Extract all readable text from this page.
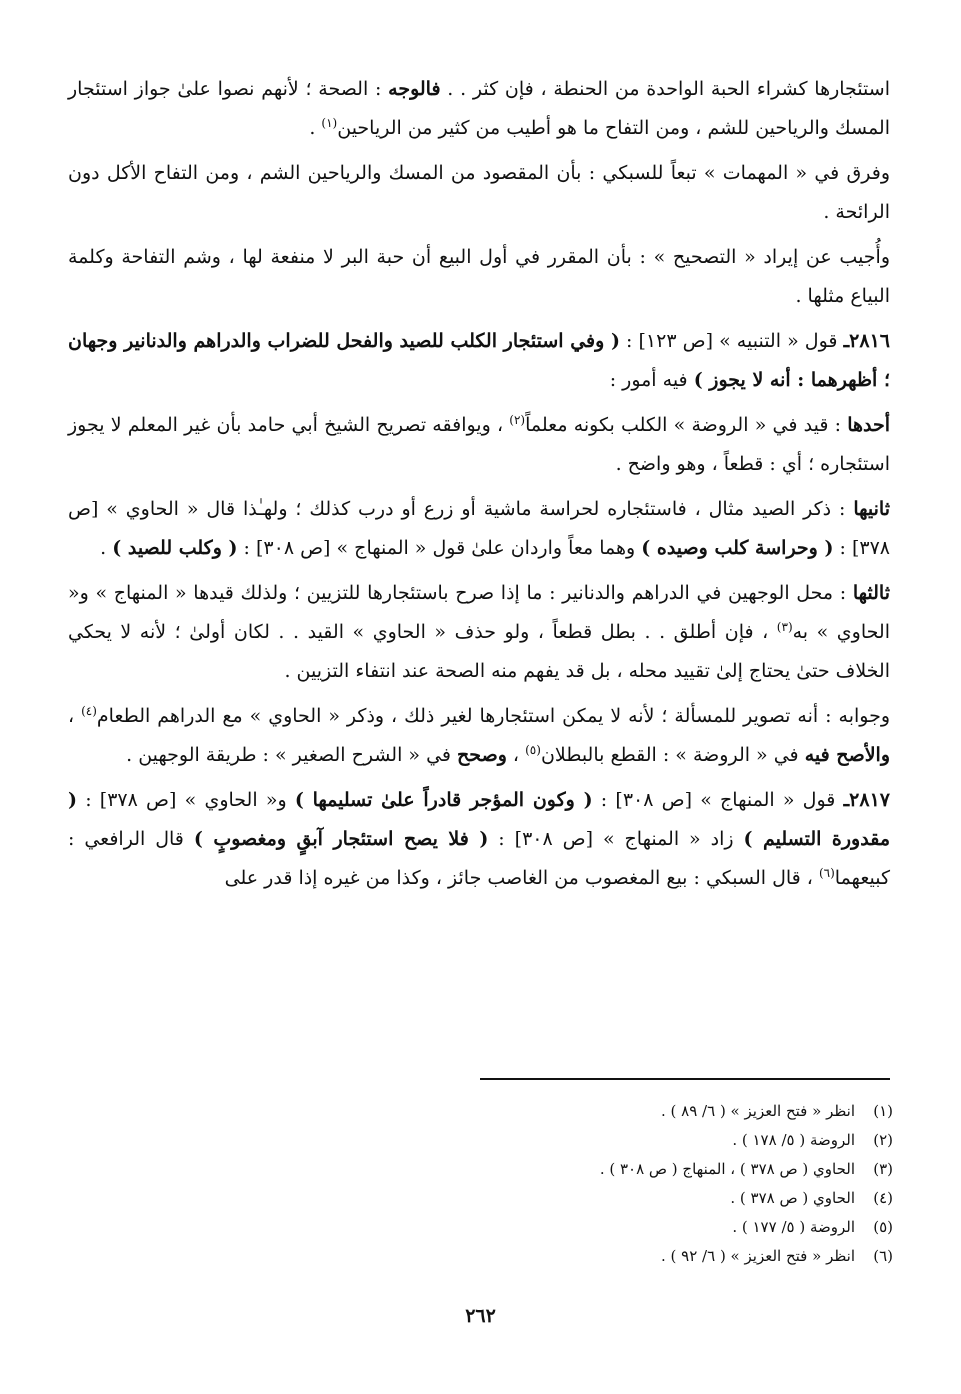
استئجارها كشراء الحبة الواحدة من الحنطة ، فإن كثر . . فالوجه : الصحة ؛ لأنهم نصوا علىٰ جواز استئجار المسك والرياحين للشم ، ومن التفاح ما هو أطيب من كثير من الرياحين$^{(١)}$ .

وفرق في « المهمات » تبعاً للسبكي : بأن المقصود من المسك والرياحين الشم ، ومن التفاح الأكل دون الرائحة .

وأُجيب عن إيراد « التصحيح » : بأن المقرر في أول البيع أن حبة البر لا منفعة لها ، وشم التفاحة وكلمة البياع مثلها .

٢٨١٦ـ قول « التنبيه » [ص ١٢٣] : ( وفي استئجار الكلب للصيد والفحل للضراب والدراهم والدنانير وجهان ؛ أظهرهما : أنه لا يجوز ) فيه أمور :

أحدها : قيد في « الروضة » الكلب بكونه معلماً$^{(٢)}$ ، ويوافقه تصريح الشيخ أبي حامد بأن غير المعلم لا يجوز استئجاره ؛ أي : قطعاً ، وهو واضح .

ثانيها : ذكر الصيد مثال ، فاستئجاره لحراسة ماشية أو زرع أو درب كذلك ؛ ولهـٰذا قال « الحاوي » [ص ٣٧٨] : ( وحراسة كلب وصيده ) وهما معاً واردان علىٰ قول « المنهاج » [ص ٣٠٨] : ( وكلب للصيد ) .

ثالثها : محل الوجهين في الدراهم والدنانير : ما إذا صرح باستئجارها للتزيين ؛ ولذلك قيدها « المنهاج » و« الحاوي » به$^{(٣)}$ ، فإن أطلق . . بطل قطعاً ، ولو حذف « الحاوي » القيد . . لكان أولىٰ ؛ لأنه لا يحكي الخلاف حتىٰ يحتاج إلىٰ تقييد محله ، بل قد يفهم منه الصحة عند انتفاء التزيين .

وجوابه : أنه تصوير للمسألة ؛ لأنه لا يمكن استئجارها لغير ذلك ، وذكر « الحاوي » مع الدراهم الطعام$^{(٤)}$ ، والأصح فيه في « الروضة » : القطع بالبطلان$^{(٥)}$ ، وصحح في « الشرح الصغير » : طريقة الوجهين .

٢٨١٧ـ قول « المنهاج » [ص ٣٠٨] : ( وكون المؤجر قادراً علىٰ تسليمها ) و« الحاوي » [ص ٣٧٨] : ( مقدورة التسليم ) زاد « المنهاج » [ص ٣٠٨] : ( فلا يصح استئجار آبقٍ ومغصوبٍ ) قال الرافعي : كبيعهما$^{(٦)}$ ، قال السبكي : بيع المغصوب من الغاصب جائز ، وكذا من غيره إذا قدر على

(١)انظر « فتح العزيز » ( ٦/ ٨٩ ) .
(٢)الروضة ( ٥/ ١٧٨ ) .
(٣)الحاوي ( ص ٣٧٨ ) ، المنهاج ( ص ٣٠٨ ) .
(٤)الحاوي ( ص ٣٧٨ ) .
(٥)الروضة ( ٥/ ١٧٧ ) .
(٦)انظر « فتح العزيز » ( ٦/ ٩٢ ) .
٢٦٢
